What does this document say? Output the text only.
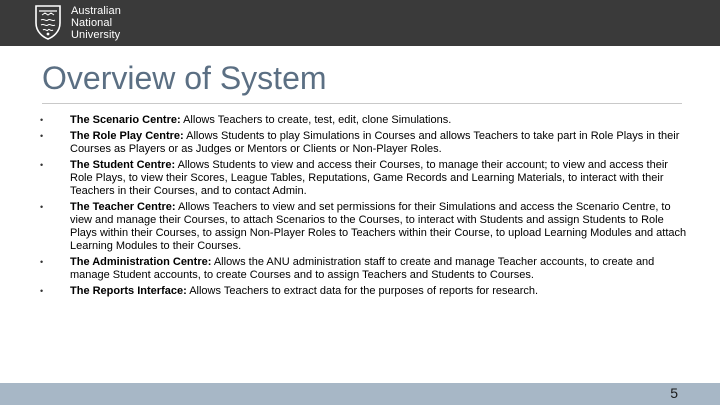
Australian
National
University
Overview of System
•	The Scenario Centre: Allows Teachers to create, test, edit, clone Simulations.
•	The Role Play Centre: Allows Students to play Simulations in Courses and allows Teachers to take part in Role Plays in their Courses as Players or as Judges or Mentors or Clients or Non-Player Roles.
•	The Student Centre: Allows Students to view and access their Courses, to manage their account; to view and access their Role Plays, to view their Scores, League Tables, Reputations, Game Records and Learning Materials, to interact with their Teachers in their Courses, and to contact Admin.
•	The Teacher Centre: Allows Teachers to view and set permissions for their Simulations and access the Scenario Centre, to view and manage their Courses, to attach Scenarios to the Courses, to interact with Students and assign Students to Role Plays within their Courses, to assign Non-Player Roles to Teachers within their Course, to upload Learning Modules and attach Learning Modules to their Courses.
•	The Administration Centre: Allows the ANU administration staff to create and manage Teacher accounts, to create and manage Student accounts, to create Courses and to assign Teachers and Students to Courses.
•	The Reports Interface: Allows Teachers to extract data for the purposes of reports for research.
5
